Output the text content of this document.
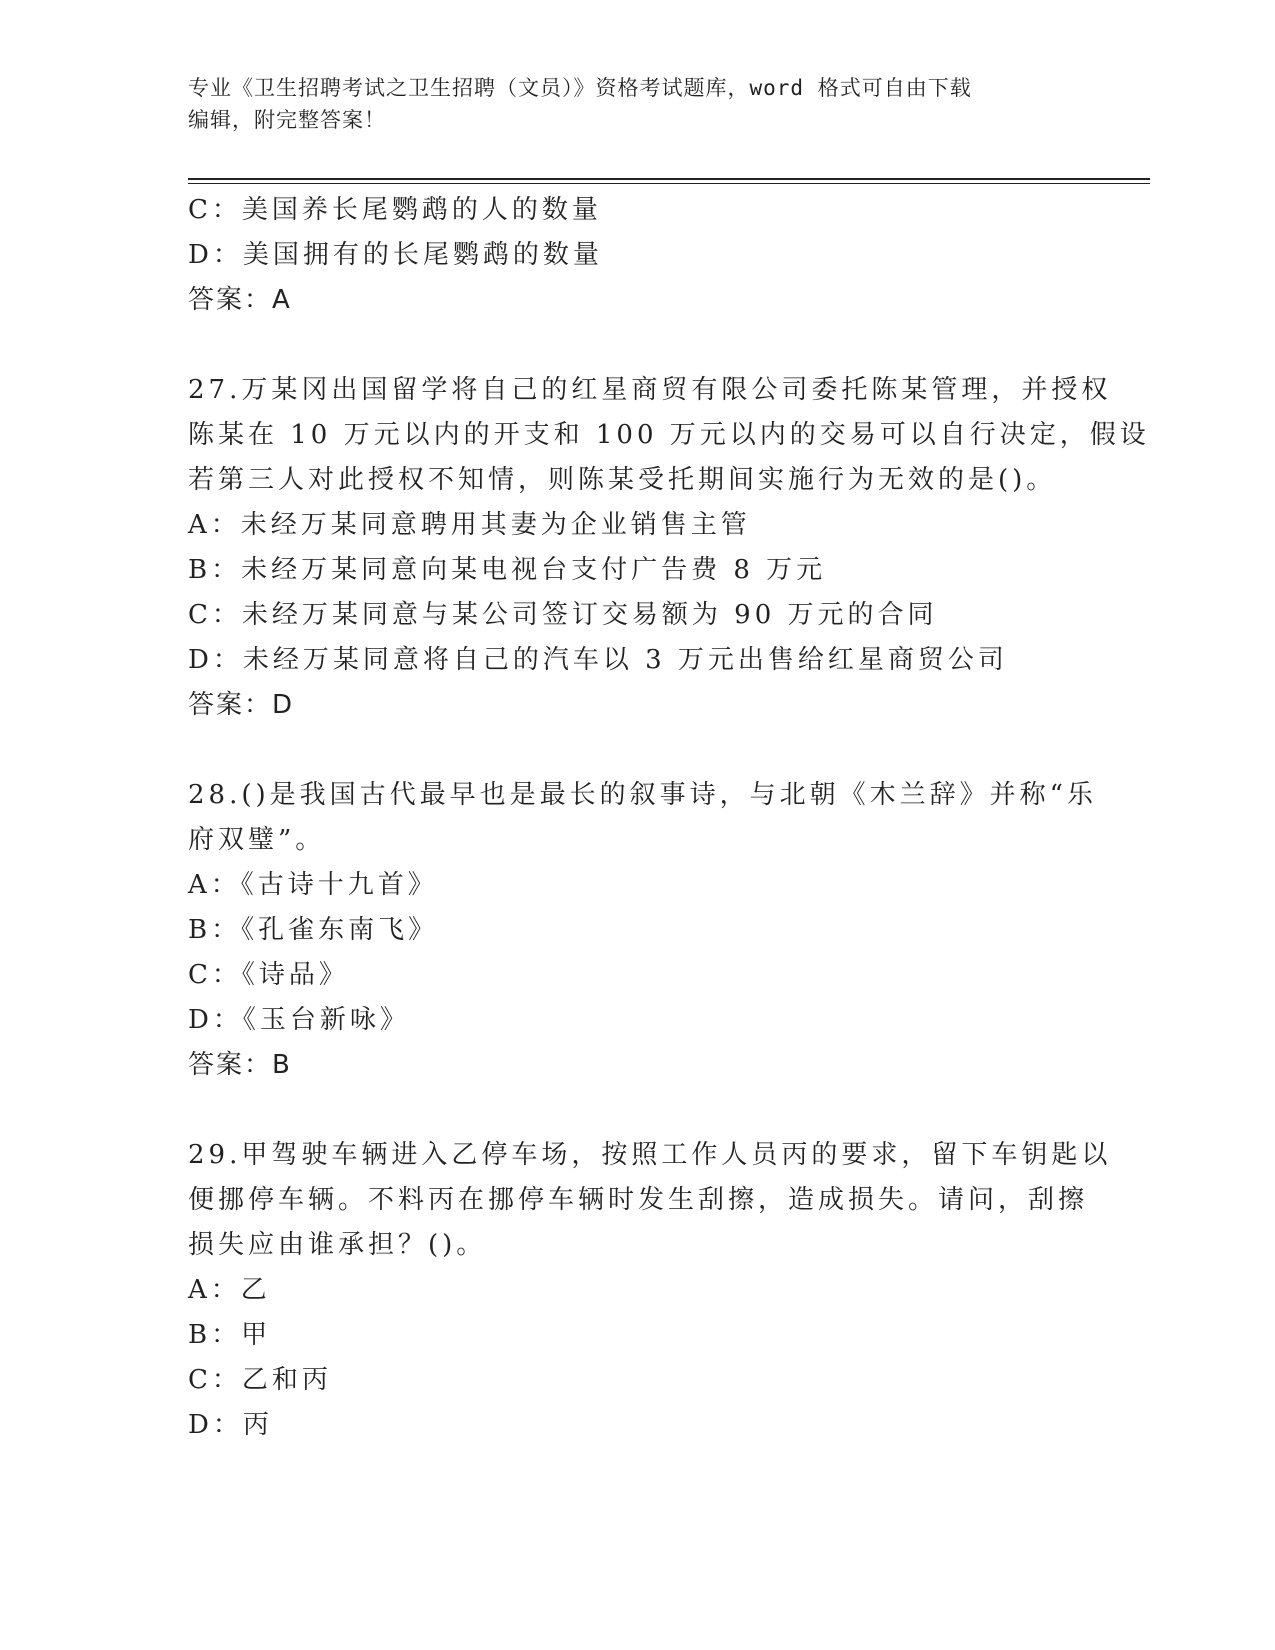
专业《卫生招聘考试之卫生招聘（文员）》资格考试题库，word 格式可自由下载
编辑，附完整答案！
C：美国养长尾鹦鹉的人的数量
D：美国拥有的长尾鹦鹉的数量
答案：A
27.万某冈出国留学将自己的红星商贸有限公司委托陈某管理，并授权
陈某在 10 万元以内的开支和 100 万元以内的交易可以自行决定，假设
若第三人对此授权不知情，则陈某受托期间实施行为无效的是()。
A：未经万某同意聘用其妻为企业销售主管
B：未经万某同意向某电视台支付广告费 8 万元
C：未经万某同意与某公司签订交易额为 90 万元的合同
D：未经万某同意将自己的汽车以 3 万元出售给红星商贸公司
答案：D
28.()是我国古代最早也是最长的叙事诗，与北朝《木兰辞》并称“乐
府双璧”。
A：《古诗十九首》
B：《孔雀东南飞》
C：《诗品》
D：《玉台新咏》
答案：B
29.甲驾驶车辆进入乙停车场，按照工作人员丙的要求，留下车钥匙以
便挪停车辆。不料丙在挪停车辆时发生刮擦，造成损失。请问，刮擦
损失应由谁承担？()。
A：乙
B：甲
C：乙和丙
D：丙
